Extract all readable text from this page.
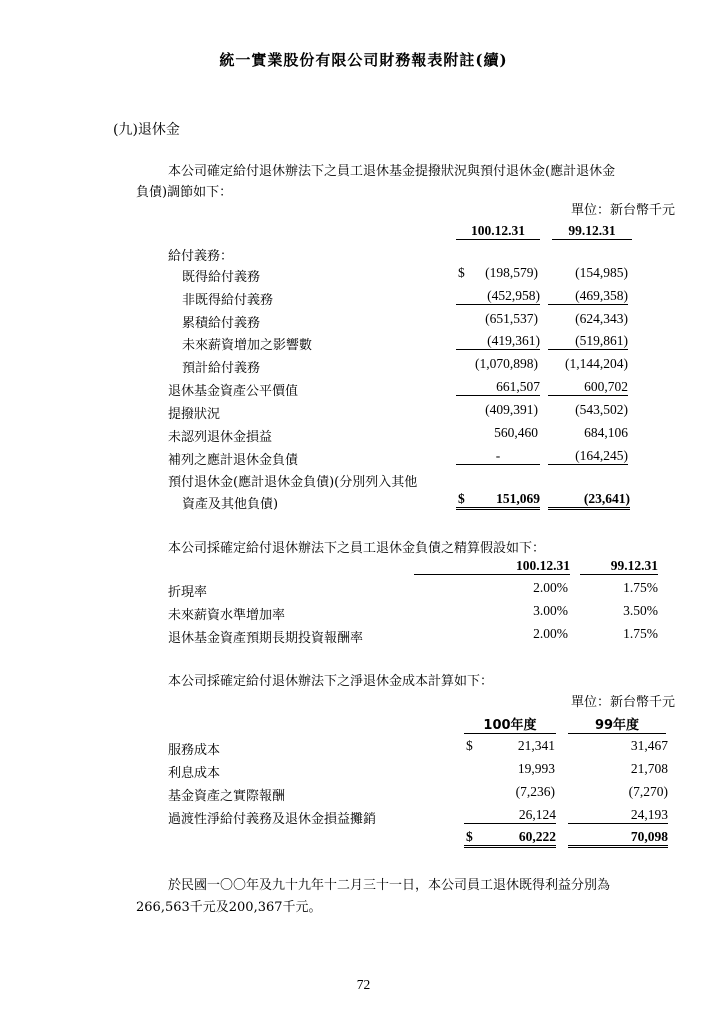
統一實業股份有限公司財務報表附註(續)
(九)退休金
本公司確定給付退休辦法下之員工退休基金提撥狀況與預付退休金(應計退休金
負債)調節如下：
單位：新台幣千元
100.12.31	99.12.31
給付義務：
既得給付義務	$	(198,579)	(154,985)
非既得給付義務	(452,958)	(469,358)
累積給付義務	(651,537)	(624,343)
未來薪資增加之影響數	(419,361)	(519,861)
預計給付義務	(1,070,898)	(1,144,204)
退休基金資產公平價值	661,507	600,702
提撥狀況	(409,391)	(543,502)
未認列退休金損益	560,460	684,106
補列之應計退休金負債	-	(164,245)
預付退休金(應計退休金負債)(分別列入其他
資產及其他負債)	$	151,069	(23,641)
本公司採確定給付退休辦法下之員工退休金負債之精算假設如下：
100.12.31	99.12.31
折現率	2.00%	1.75%
未來薪資水準增加率	3.00%	3.50%
退休基金資產預期長期投資報酬率	2.00%	1.75%
本公司採確定給付退休辦法下之淨退休金成本計算如下：
單位：新台幣千元
100年度	99年度
服務成本	$	21,341	31,467
利息成本	19,993	21,708
基金資產之實際報酬	(7,236)	(7,270)
過渡性淨給付義務及退休金損益攤銷	26,124	24,193
$	60,222	70,098
於民國一〇〇年及九十九年十二月三十一日，本公司員工退休既得利益分別為
266,563千元及200,367千元。
72
